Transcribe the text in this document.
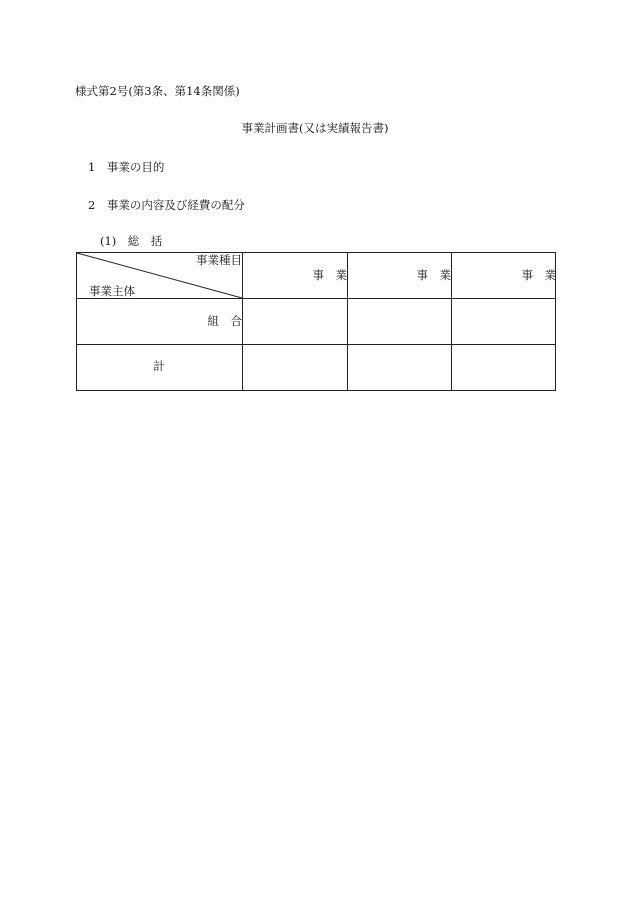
様式第2号(第3条、第14条関係)
事業計画書(又は実績報告書)
1　 事業の目的
2　 事業の内容及び経費の配分
(1)　 総　括
事業種目
事業主体
事　業	事　業	事　業
組　合
計
